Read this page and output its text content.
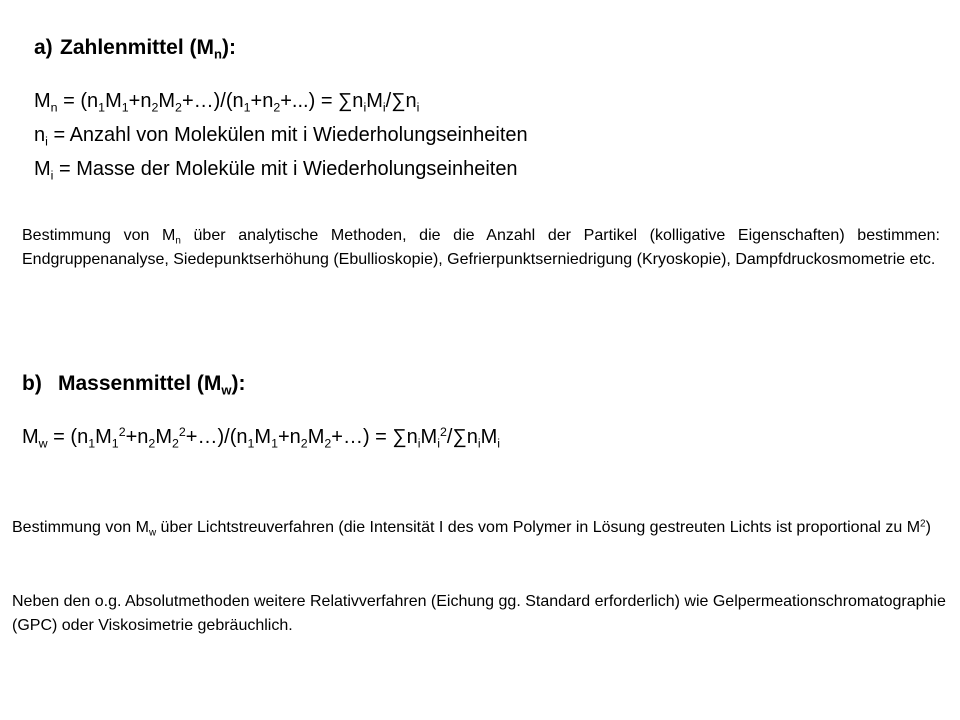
a) Zahlenmittel $(M_n)$:
$M_n$ = $(n_1M_1+n_2M_2+\dots)/(n_1+n_2+...) = \sum n_iM_i/\sum n_i$
$n_i$ = Anzahl von Molekülen mit i Wiederholungseinheiten
$M_i$ = Masse der Moleküle mit i Wiederholungseinheiten
Bestimmung von $M_n$ über analytische Methoden, die die Anzahl der Partikel (kolligative Eigenschaften) bestimmen: Endgruppenanalyse, Siedepunktserhöhung (Ebullioskopie), Gefrierpunktserniedrigung (Kryoskopie), Dampfdruckosmometrie etc.
b) Massenmittel $(M_w)$:
$M_w$ = $(n_1M_1^2+n_2M_2^2+\dots)/(n_1M_1+n_2M_2+\dots) = \sum n_iM_i^2/\sum n_iM_i$
Bestimmung von $M_w$ über Lichtstreuverfahren (die Intensität I des vom Polymer in Lösung gestreuten Lichts ist proportional zu $M^2$)
Neben den o.g. Absolutmethoden weitere Relativverfahren (Eichung gg. Standard erforderlich) wie Gelpermeationschromatographie (GPC) oder Viskosimetrie gebräuchlich.
